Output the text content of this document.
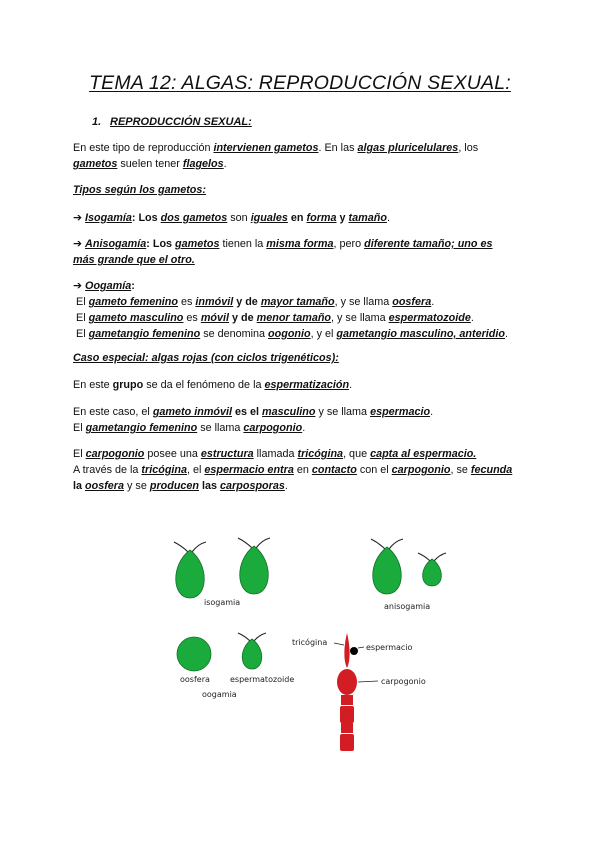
TEMA 12: ALGAS: REPRODUCCIÓN SEXUAL:

1. REPRODUCCIÓN SEXUAL:

En este tipo de reproducción intervienen gametos. En las algas pluricelulares, los
gametos suelen tener flagelos.

Tipos según los gametos:

➔ Isogamía: Los dos gametos son iguales en forma y tamaño.

➔ Anisogamía: Los gametos tienen la misma forma, pero diferente tamaño; uno es
más grande que el otro.

➔ Oogamía:
El gameto femenino es inmóvil y de mayor tamaño, y se llama oosfera.
El gameto masculino es móvil y de menor tamaño, y se llama espermatozoide.
El gametangio femenino se denomina oogonio, y el gametangio masculino, anteridio.

Caso especial: algas rojas (con ciclos trigenéticos):

En este grupo se da el fenómeno de la espermatización.

En este caso, el gameto inmóvil es el masculino y se llama espermacio.
El gametangio femenino se llama carpogonio.

El carpogonio posee una estructura llamada tricógina, que capta al espermacio.
A través de la tricógina, el espermacio entra en contacto con el carpogonio, se fecunda
la oosfera y se producen las carposporas.

isogamia	anisogamia
oosfera	espermatozoide
oogamia
tricógina
espermacio
carpogonio
